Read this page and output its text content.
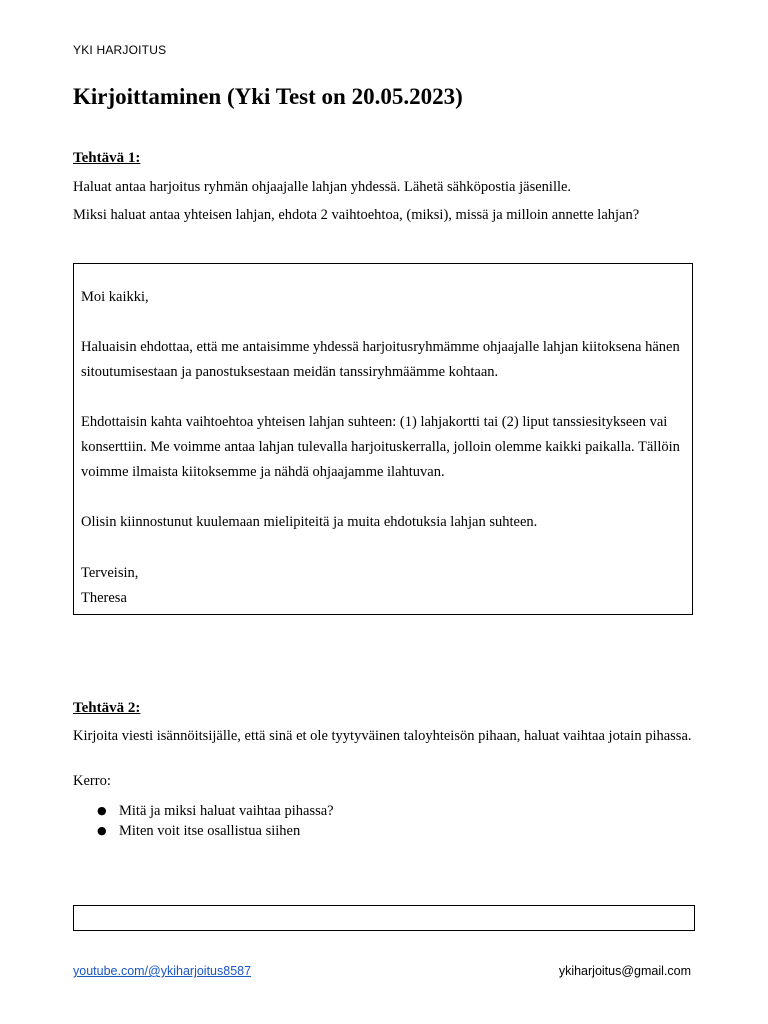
YKI HARJOITUS
Kirjoittaminen (Yki Test on 20.05.2023)
Tehtävä 1:
Haluat antaa harjoitus ryhmän ohjaajalle lahjan yhdessä. Lähetä sähköpostia jäsenille.
Miksi haluat antaa yhteisen lahjan, ehdota 2 vaihtoehtoa, (miksi), missä ja milloin annette lahjan?
Moi kaikki,
Haluaisin ehdottaa, että me antaisimme yhdessä harjoitusryhmämme ohjaajalle lahjan kiitoksena hänen sitoutumisestaan ja panostuksestaan meidän tanssiryhmäämme kohtaan.
Ehdottaisin kahta vaihtoehtoa yhteisen lahjan suhteen: (1) lahjakortti tai (2) liput tanssiesitykseen vai konserttiin. Me voimme antaa lahjan tulevalla harjoituskerralla, jolloin olemme kaikki paikalla. Tällöin voimme ilmaista kiitoksemme ja nähdä ohjaajamme ilahtuvan.
Olisin kiinnostunut kuulemaan mielipiteitä ja muita ehdotuksia lahjan suhteen.
Terveisin,
Theresa
Tehtävä 2:
Kirjoita viesti isännöitsijälle, että sinä et ole tyytyväinen taloyhteisön pihaan, haluat vaihtaa jotain pihassa.
Kerro:
● Mitä ja miksi haluat vaihtaa pihassa?
● Miten voit itse osallistua siihen
youtube.com/@ykiharjoitus8587	ykiharjoitus@gmail.com
